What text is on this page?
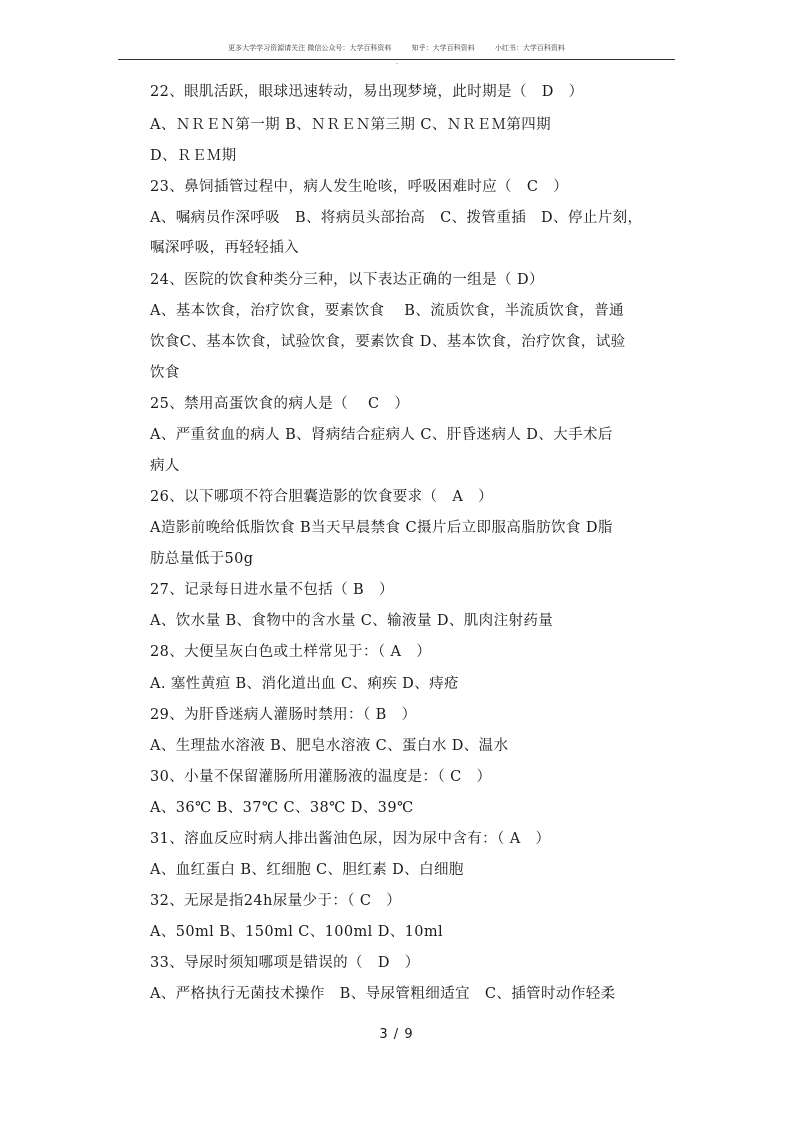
更多大学学习资源请关注 微信公众号：大学百科资料	知乎：大学百科资料	小红书：大学百科资料
·
22、眼肌活跃，眼球迅速转动，易出现梦境，此时期是（　D　）
A、ＮＲＥＮ第一期 B、ＮＲＥＮ第三期 C、ＮＲＥＭ第四期
D、ＲＥＭ期
23、鼻饲插管过程中，病人发生呛咳，呼吸困难时应（　C　）
A、嘱病员作深呼吸　B、将病员头部抬高　C、拨管重插　D、停止片刻，
嘱深呼吸，再轻轻插入
24、医院的饮食种类分三种，以下表达正确的一组是（ D）
A、基本饮食，治疗饮食，要素饮食　 B、流质饮食，半流质饮食，普通
饮食C、基本饮食，试验饮食，要素饮食 D、基本饮食，治疗饮食，试验
饮食
25、禁用高蛋饮食的病人是（　 C　）
A、严重贫血的病人 B、肾病结合症病人 C、肝昏迷病人 D、大手术后
病人
26、以下哪项不符合胆囊造影的饮食要求（　A　）
A造影前晚给低脂饮食 B当天早晨禁食 C摄片后立即服高脂肪饮食 D脂
肪总量低于50g
27、记录每日进水量不包括（ B　）
A、饮水量 B、食物中的含水量 C、输液量 D、肌肉注射药量
28、大便呈灰白色或土样常见于：（ A　）
A. 塞性黄疸 B、消化道出血 C、痢疾 D、痔疮
29、为肝昏迷病人灌肠时禁用：（ B　）
A、生理盐水溶液 B、肥皂水溶液 C、蛋白水 D、温水
30、小量不保留灌肠所用灌肠液的温度是：（ C　）
A、36℃ B、37℃ C、38℃ D、39℃
31、溶血反应时病人排出酱油色尿，因为尿中含有：（ A　）
A、血红蛋白 B、红细胞 C、胆红素 D、白细胞
32、无尿是指24h尿量少于：（ C　）
A、50ml B、150ml C、100ml D、10ml
33、导尿时须知哪项是错误的（　D　）
A、严格执行无菌技术操作　B、导尿管粗细适宜　C、插管时动作轻柔
3 / 9
